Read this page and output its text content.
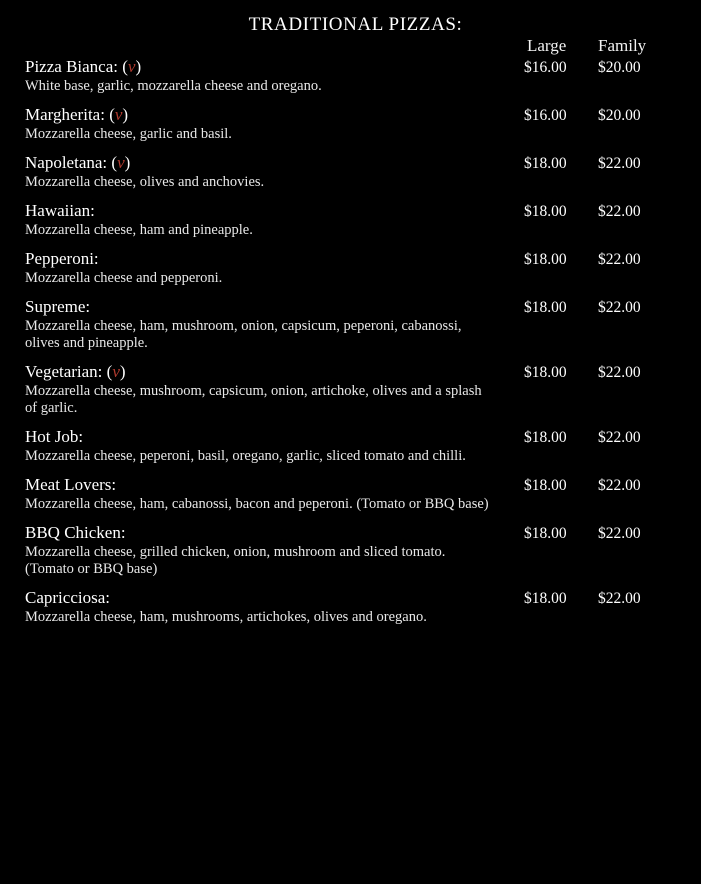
TRADITIONAL PIZZAS:
Large Family
Pizza Bianca: (v)
White base, garlic, mozzarella cheese and oregano.
$16.00 $20.00
Margherita: (v)
Mozzarella cheese, garlic and basil.
$16.00 $20.00
Napoletana: (v)
Mozzarella cheese, olives and anchovies.
$18.00 $22.00
Hawaiian:
Mozzarella cheese, ham and pineapple.
$18.00 $22.00
Pepperoni:
Mozzarella cheese and pepperoni.
$18.00 $22.00
Supreme:
Mozzarella cheese, ham, mushroom, onion, capsicum, peperoni, cabanossi, olives and pineapple.
$18.00 $22.00
Vegetarian: (v)
Mozzarella cheese, mushroom, capsicum, onion, artichoke, olives and a splash of garlic.
$18.00 $22.00
Hot Job:
Mozzarella cheese, peperoni, basil, oregano, garlic, sliced tomato and chilli.
$18.00 $22.00
Meat Lovers:
Mozzarella cheese, ham, cabanossi, bacon and peperoni. (Tomato or BBQ base)
$18.00 $22.00
BBQ Chicken:
Mozzarella cheese, grilled chicken, onion, mushroom and sliced tomato. (Tomato or BBQ base)
$18.00 $22.00
Capricciosa:
Mozzarella cheese, ham, mushrooms, artichokes, olives and oregano.
$18.00 $22.00
